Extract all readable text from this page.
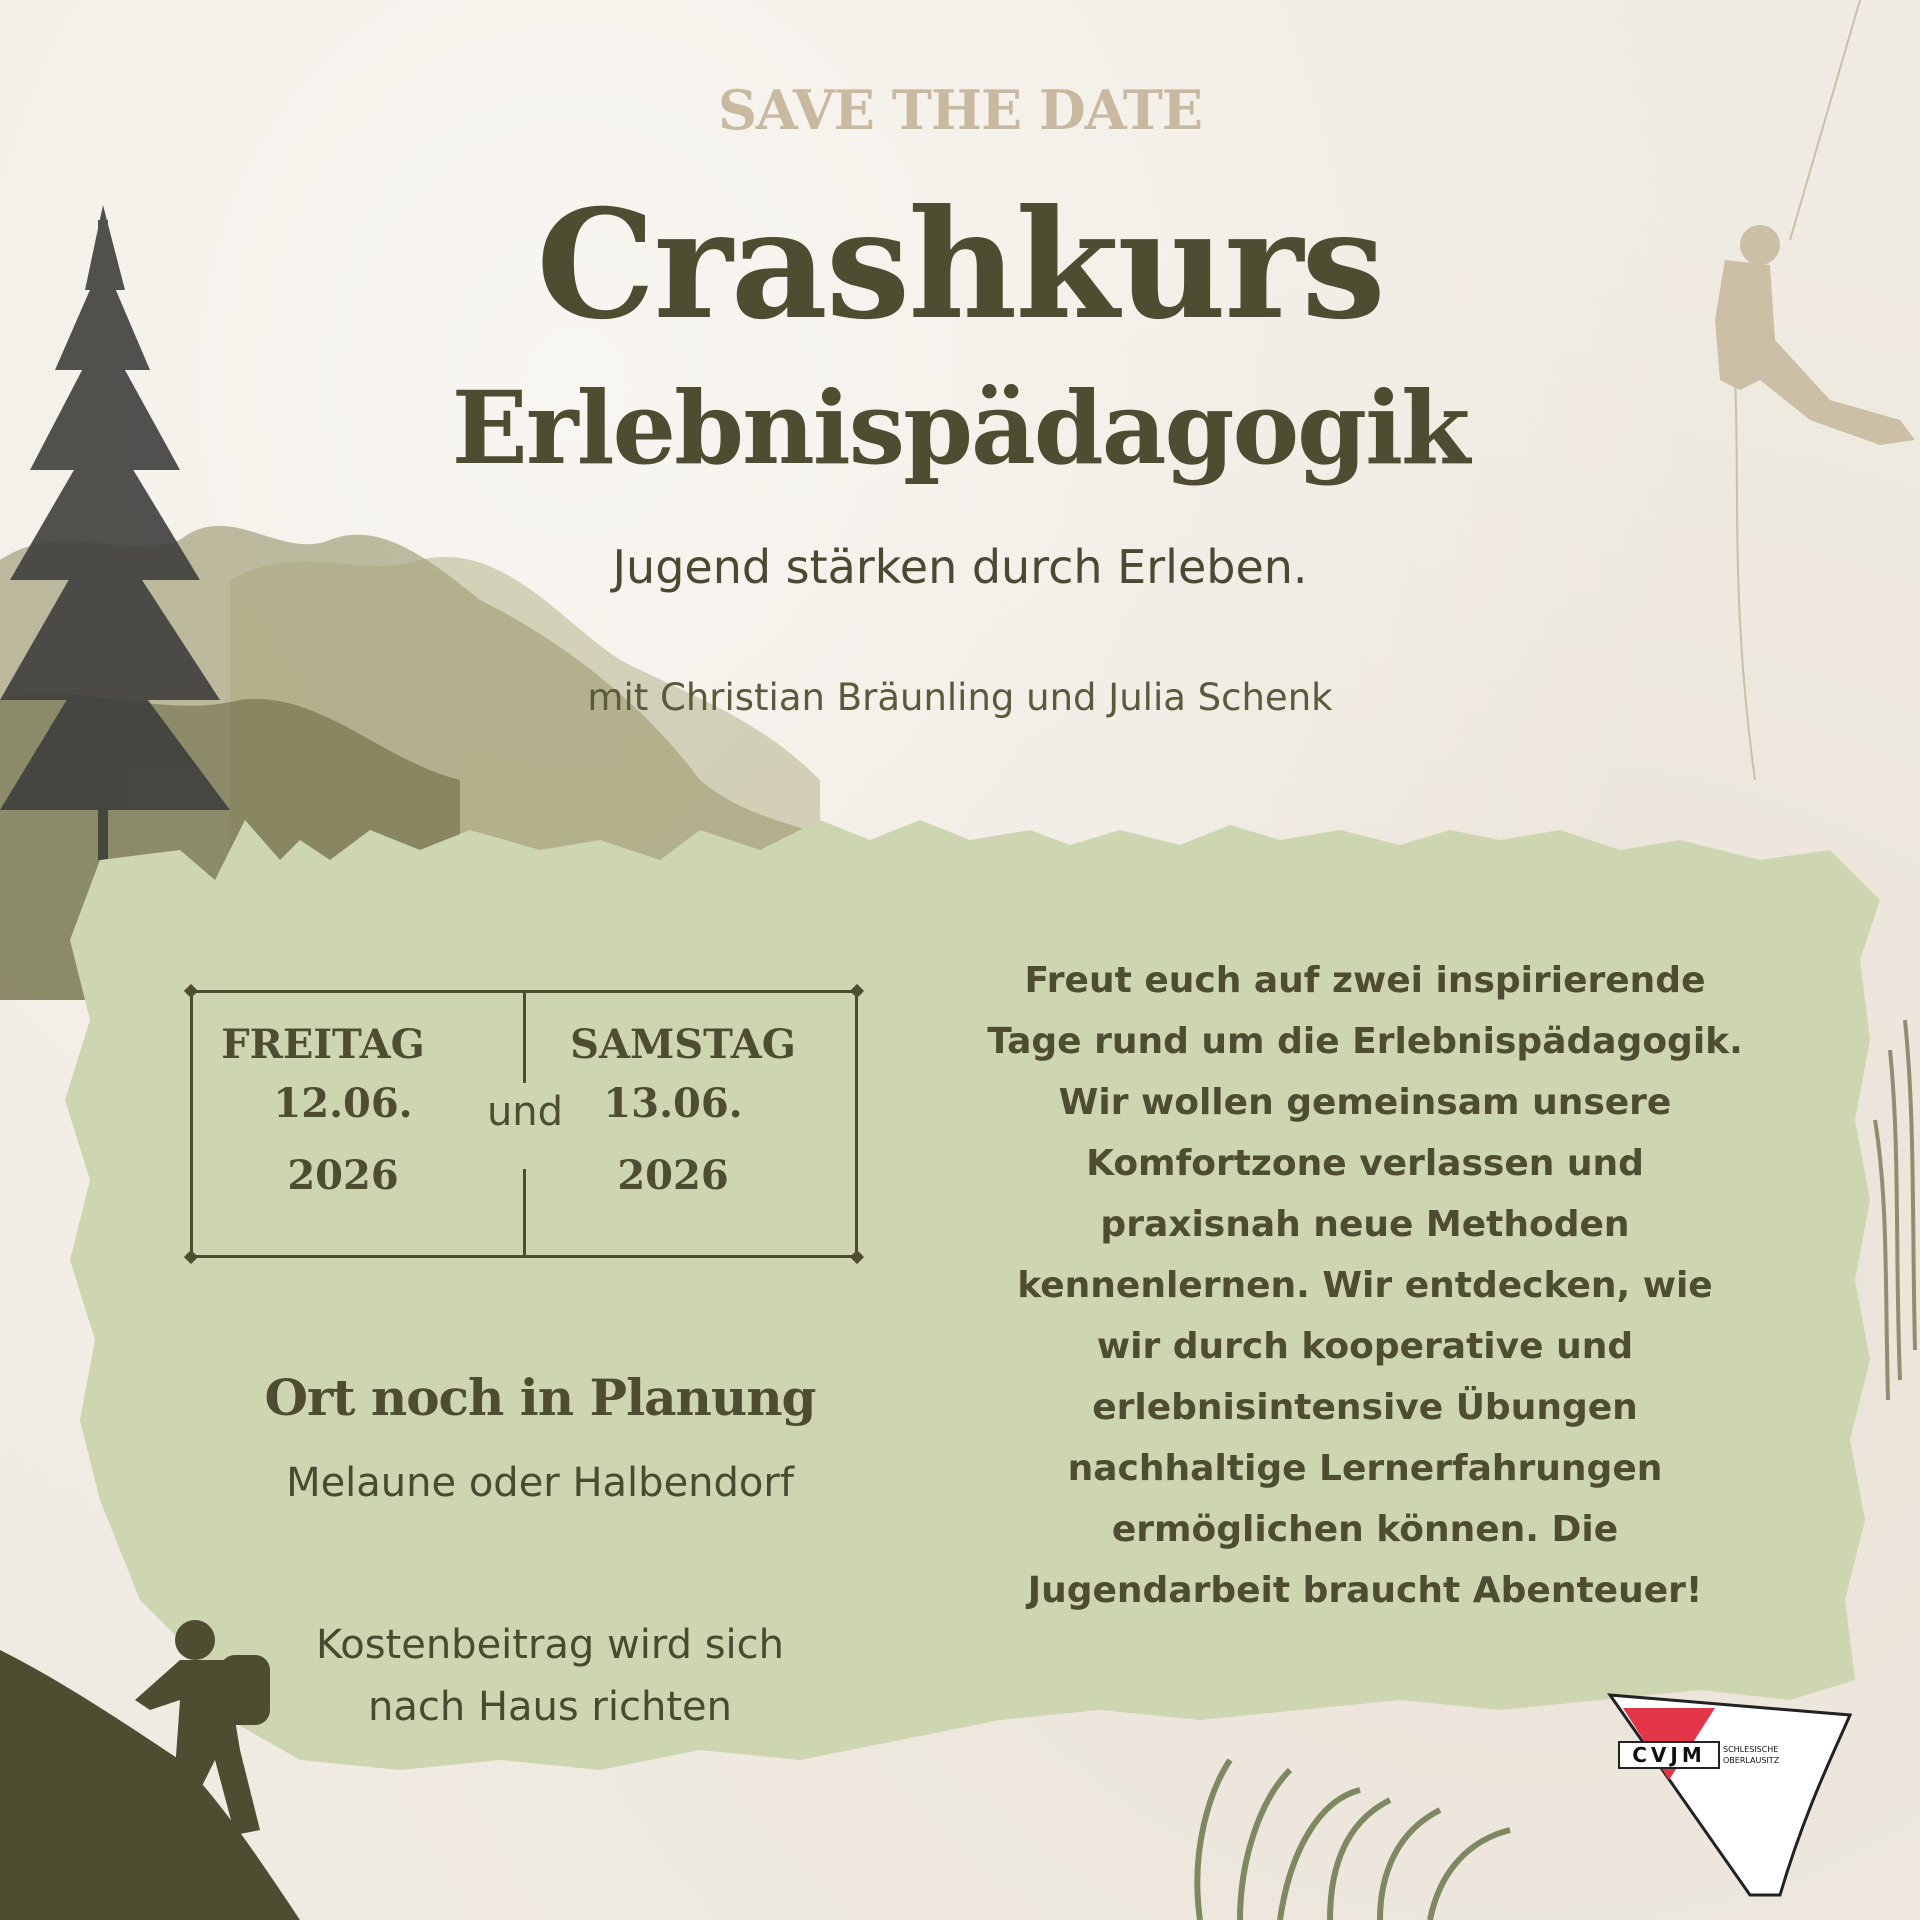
SAVE THE DATE
Crashkurs
Erlebnispädagogik
Jugend stärken durch Erleben.
mit Christian Bräunling und Julia Schenk
FREITAG
12.06.
2026
und
SAMSTAG
13.06.
2026
Ort noch in Planung
Melaune oder Halbendorf
Kostenbeitrag wird sich
nach Haus richten
Freut euch auf zwei inspirierende
Tage rund um die Erlebnispädagogik.
Wir wollen gemeinsam unsere
Komfortzone verlassen und
praxisnah neue Methoden
kennenlernen. Wir entdecken, wie
wir durch kooperative und
erlebnisintensive Übungen
nachhaltige Lernerfahrungen
ermöglichen können. Die
Jugendarbeit braucht Abenteuer!
CVJM SCHLESISCHE
OBERLAUSITZ
